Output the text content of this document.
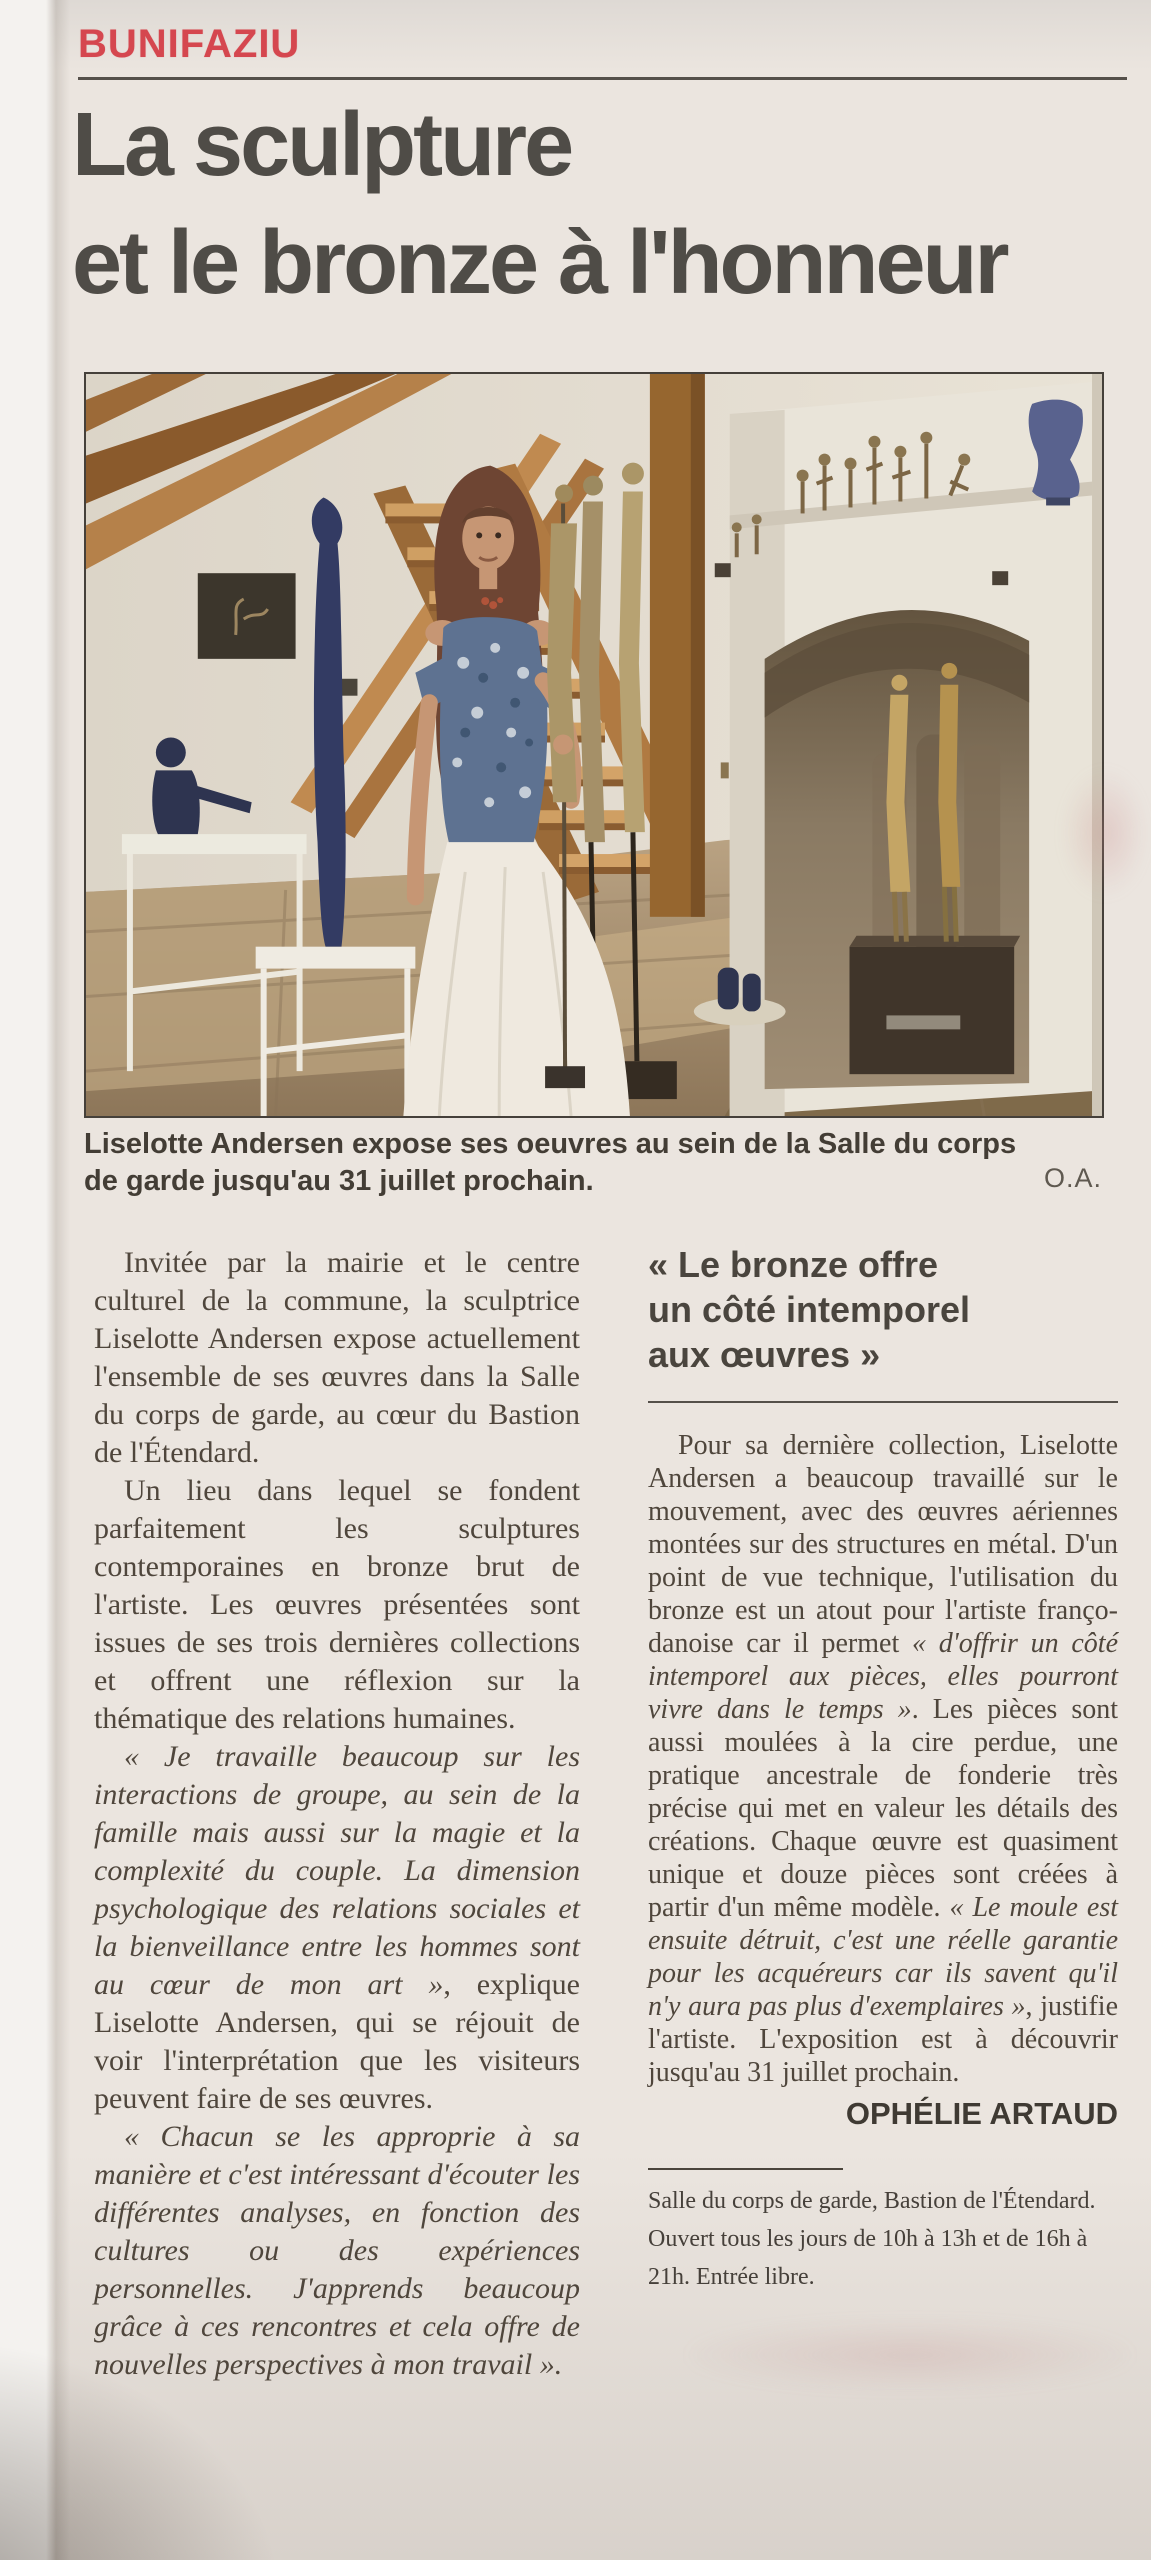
BUNIFAZIU
La sculpture
et le bronze à l'honneur
Liselotte Andersen expose ses oeuvres au sein de la Salle du corps de garde jusqu'au 31 juillet prochain.	O.A.

Invitée par la mairie et le centre culturel de la commune, la sculptrice Liselotte Andersen expose actuellement l'ensemble de ses œuvres dans la Salle du corps de garde, au cœur du Bastion de l'Étendard.

Un lieu dans lequel se fondent parfaitement les sculptures contemporaines en bronze brut de l'artiste. Les œuvres présentées sont issues de ses trois dernières collections et offrent une réflexion sur la thématique des relations humaines.

« Je travaille beaucoup sur les interactions de groupe, au sein de la famille mais aussi sur la magie et la complexité du couple. La dimension psychologique des relations sociales et la bienveillance entre les hommes sont au cœur de mon art », explique Liselotte Andersen, qui se réjouit de voir l'interprétation que les visiteurs peuvent faire de ses œuvres.

« Chacun se les approprie à sa manière et c'est intéressant d'écouter les différentes analyses, en fonction des cultures ou des expériences personnelles. J'apprends beaucoup grâce à ces rencontres et cela offre de nouvelles perspectives à mon travail ».

« Le bronze offre
un côté intemporel
aux œuvres »

Pour sa dernière collection, Liselotte Andersen a beaucoup travaillé sur le mouvement, avec des œuvres aériennes montées sur des structures en métal. D'un point de vue technique, l'utilisation du bronze est un atout pour l'artiste franço-danoise car il permet « d'offrir un côté intemporel aux pièces, elles pourront vivre dans le temps ». Les pièces sont aussi moulées à la cire perdue, une pratique ancestrale de fonderie très précise qui met en valeur les détails des créations. Chaque œuvre est quasiment unique et douze pièces sont créées à partir d'un même modèle. « Le moule est ensuite détruit, c'est une réelle garantie pour les acquéreurs car ils savent qu'il n'y aura pas plus d'exemplaires », justifie l'artiste. L'exposition est à découvrir jusqu'au 31 juillet prochain.

OPHÉLIE ARTAUD
Salle du corps de garde, Bastion de l'Étendard. Ouvert tous les jours de 10h à 13h et de 16h à 21h. Entrée libre.
